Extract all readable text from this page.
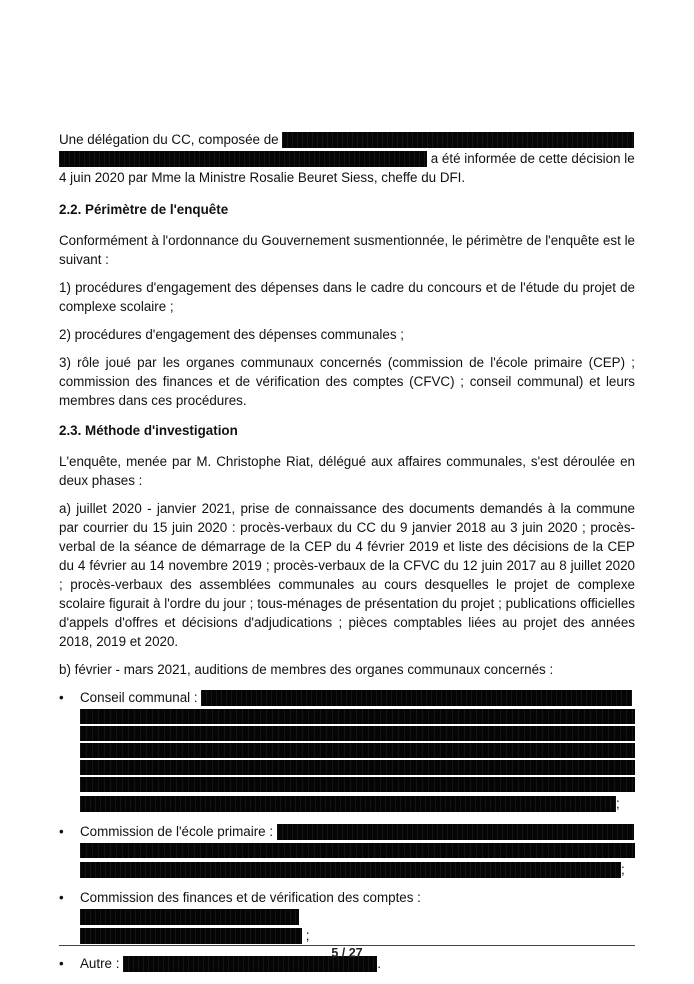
Une délégation du CC, composée de
a été informée de cette décision le
4 juin 2020 par Mme la Ministre Rosalie Beuret Siess, cheffe du DFI.
2.2. Périmètre de l'enquête
Conformément à l'ordonnance du Gouvernement susmentionnée, le périmètre de l'enquête est le suivant :
1) procédures d'engagement des dépenses dans le cadre du concours et de l'étude du projet de complexe scolaire ;
2) procédures d'engagement des dépenses communales ;
3) rôle joué par les organes communaux concernés (commission de l'école primaire (CEP) ; commission des finances et de vérification des comptes (CFVC) ; conseil communal) et leurs membres dans ces procédures.
2.3. Méthode d'investigation
L'enquête, menée par M. Christophe Riat, délégué aux affaires communales, s'est déroulée en deux phases :
a) juillet 2020 - janvier 2021, prise de connaissance des documents demandés à la commune par courrier du 15 juin 2020 : procès-verbaux du CC du 9 janvier 2018 au 3 juin 2020 ; procès-verbal de la séance de démarrage de la CEP du 4 février 2019 et liste des décisions de la CEP du 4 février au 14 novembre 2019 ; procès-verbaux de la CFVC du 12 juin 2017 au 8 juillet 2020 ; procès-verbaux des assemblées communales au cours desquelles le projet de complexe scolaire figurait à l'ordre du jour ; tous-ménages de présentation du projet ; publications officielles d'appels d'offres et décisions d'adjudications ; pièces comptables liées au projet des années 2018, 2019 et 2020.
b) février - mars 2021, auditions de membres des organes communaux concernés :
• Conseil communal :
;
• Commission de l'école primaire :
;
• Commission des finances et de vérification des comptes :
;
• Autre :	.
5 / 27
